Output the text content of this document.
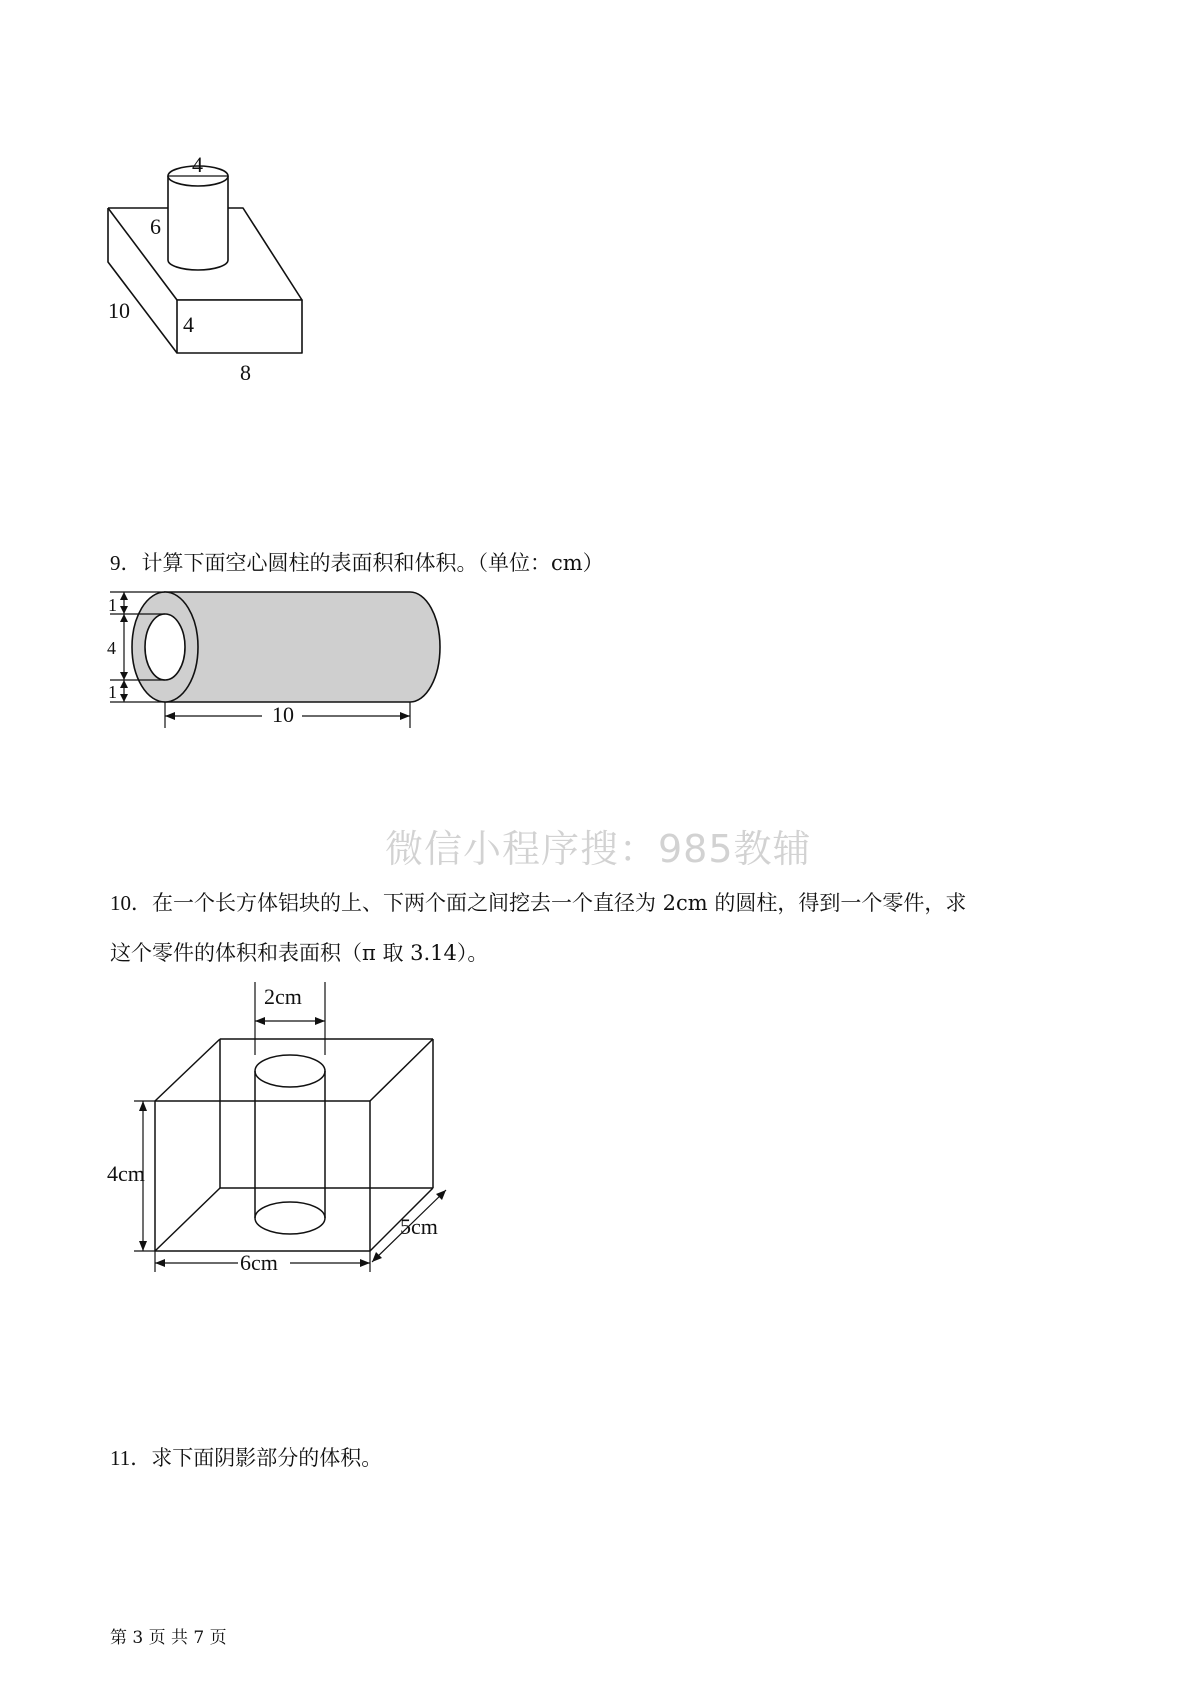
4
6
10
4
8
9．计算下面空心圆柱的表面积和体积。（单位：cm）
1
4
1
10
微信小程序搜：985教辅
10．在一个长方体铝块的上、下两个面之间挖去一个直径为 2cm 的圆柱，得到一个零件，求
这个零件的体积和表面积（π 取 3.14）。
2cm
4cm
5cm
6cm
11．求下面阴影部分的体积。
第 3 页 共 7 页
